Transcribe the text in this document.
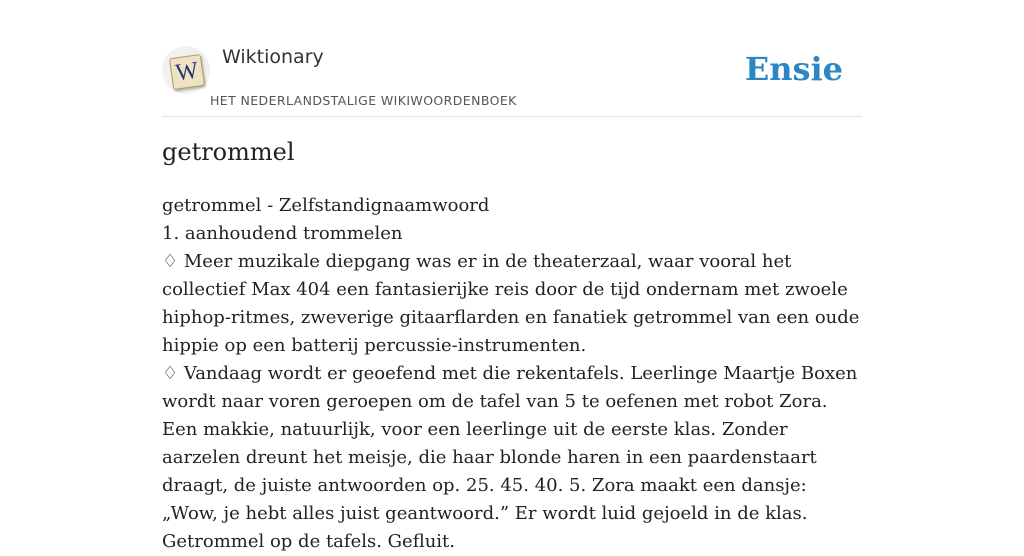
W
Wiktionary
HET NEDERLANDSTALIGE WIKIWOORDENBOEK
Ensie
getrommel

getrommel - Zelfstandignaamwoord

1. aanhoudend trommelen

♢ Meer muzikale diepgang was er in de theaterzaal, waar vooral het collectief Max 404 een fantasierijke reis door de tijd ondernam met zwoele hiphop-ritmes, zweverige gitaarflarden en fanatiek getrommel van een oude hippie op een batterij percussie-instrumenten.

♢ Vandaag wordt er geoefend met die rekentafels. Leerlinge Maartje Boxen wordt naar voren geroepen om de tafel van 5 te oefenen met robot Zora. Een makkie, natuurlijk, voor een leerlinge uit de eerste klas. Zonder aarzelen dreunt het meisje, die haar blonde haren in een paardenstaart draagt, de juiste antwoorden op. 25. 45. 40. 5. Zora maakt een dansje: „Wow, je hebt alles juist geantwoord.” Er wordt luid gejoeld in de klas. Getrommel op de tafels. Gefluit.
